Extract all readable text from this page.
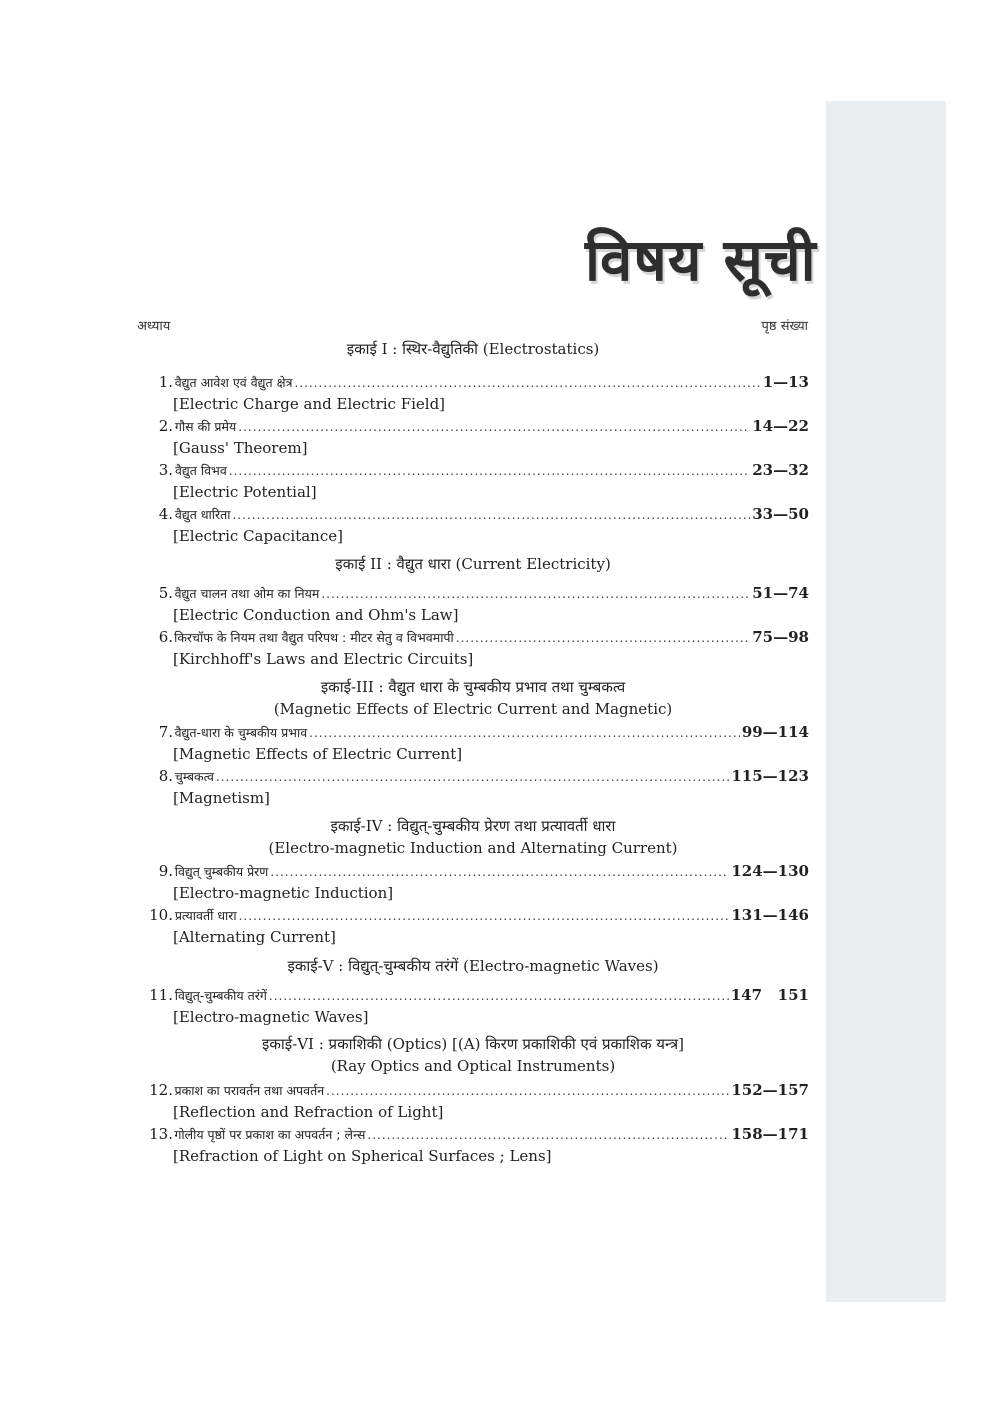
विषय सूची
अध्याय	पृष्ठ संख्या
इकाई I : स्थिर-वैद्युतिकी (Electrostatics)
1. वैद्युत आवेश एवं वैद्युत क्षेत्र .....	1—13
[Electric Charge and Electric Field]
2. गौस की प्रमेय .....	14—22
[Gauss' Theorem]
3. वैद्युत विभव .....	23—32
[Electric Potential]
4. वैद्युत धारिता .....	33—50
[Electric Capacitance]
इकाई II : वैद्युत धारा (Current Electricity)
5. वैद्युत चालन तथा ओम का नियम .....	51—74
[Electric Conduction and Ohm's Law]
6. किरचॉफ के नियम तथा वैद्युत परिपथ : मीटर सेतु व विभवमापी .....	75—98
[Kirchhoff's Laws and Electric Circuits]
इकाई-III : वैद्युत धारा के चुम्बकीय प्रभाव तथा चुम्बकत्व
(Magnetic Effects of Electric Current and Magnetic)
7. वैद्युत-धारा के चुम्बकीय प्रभाव .....	99—114
[Magnetic Effects of Electric Current]
8. चुम्बकत्व .....	115—123
[Magnetism]
इकाई-IV : विद्युत्-चुम्बकीय प्रेरण तथा प्रत्यावर्ती धारा
(Electro-magnetic Induction and Alternating Current)
9. विद्युत् चुम्बकीय प्रेरण .....	124—130
[Electro-magnetic Induction]
10. प्रत्यावर्ती धारा .....	131—146
[Alternating Current]
इकाई-V : विद्युत्-चुम्बकीय तरंगें (Electro-magnetic Waves)
11. विद्युत्-चुम्बकीय तरंगें .....	147   151
[Electro-magnetic Waves]
इकाई-VI : प्रकाशिकी (Optics) [(A) किरण प्रकाशिकी एवं प्रकाशिक यन्त्र]
(Ray Optics and Optical Instruments)
12. प्रकाश का परावर्तन तथा अपवर्तन .....	152—157
[Reflection and Refraction of Light]
13. गोलीय पृष्ठों पर प्रकाश का अपवर्तन ; लेन्स .....	158—171
[Refraction of Light on Spherical Surfaces ; Lens]
